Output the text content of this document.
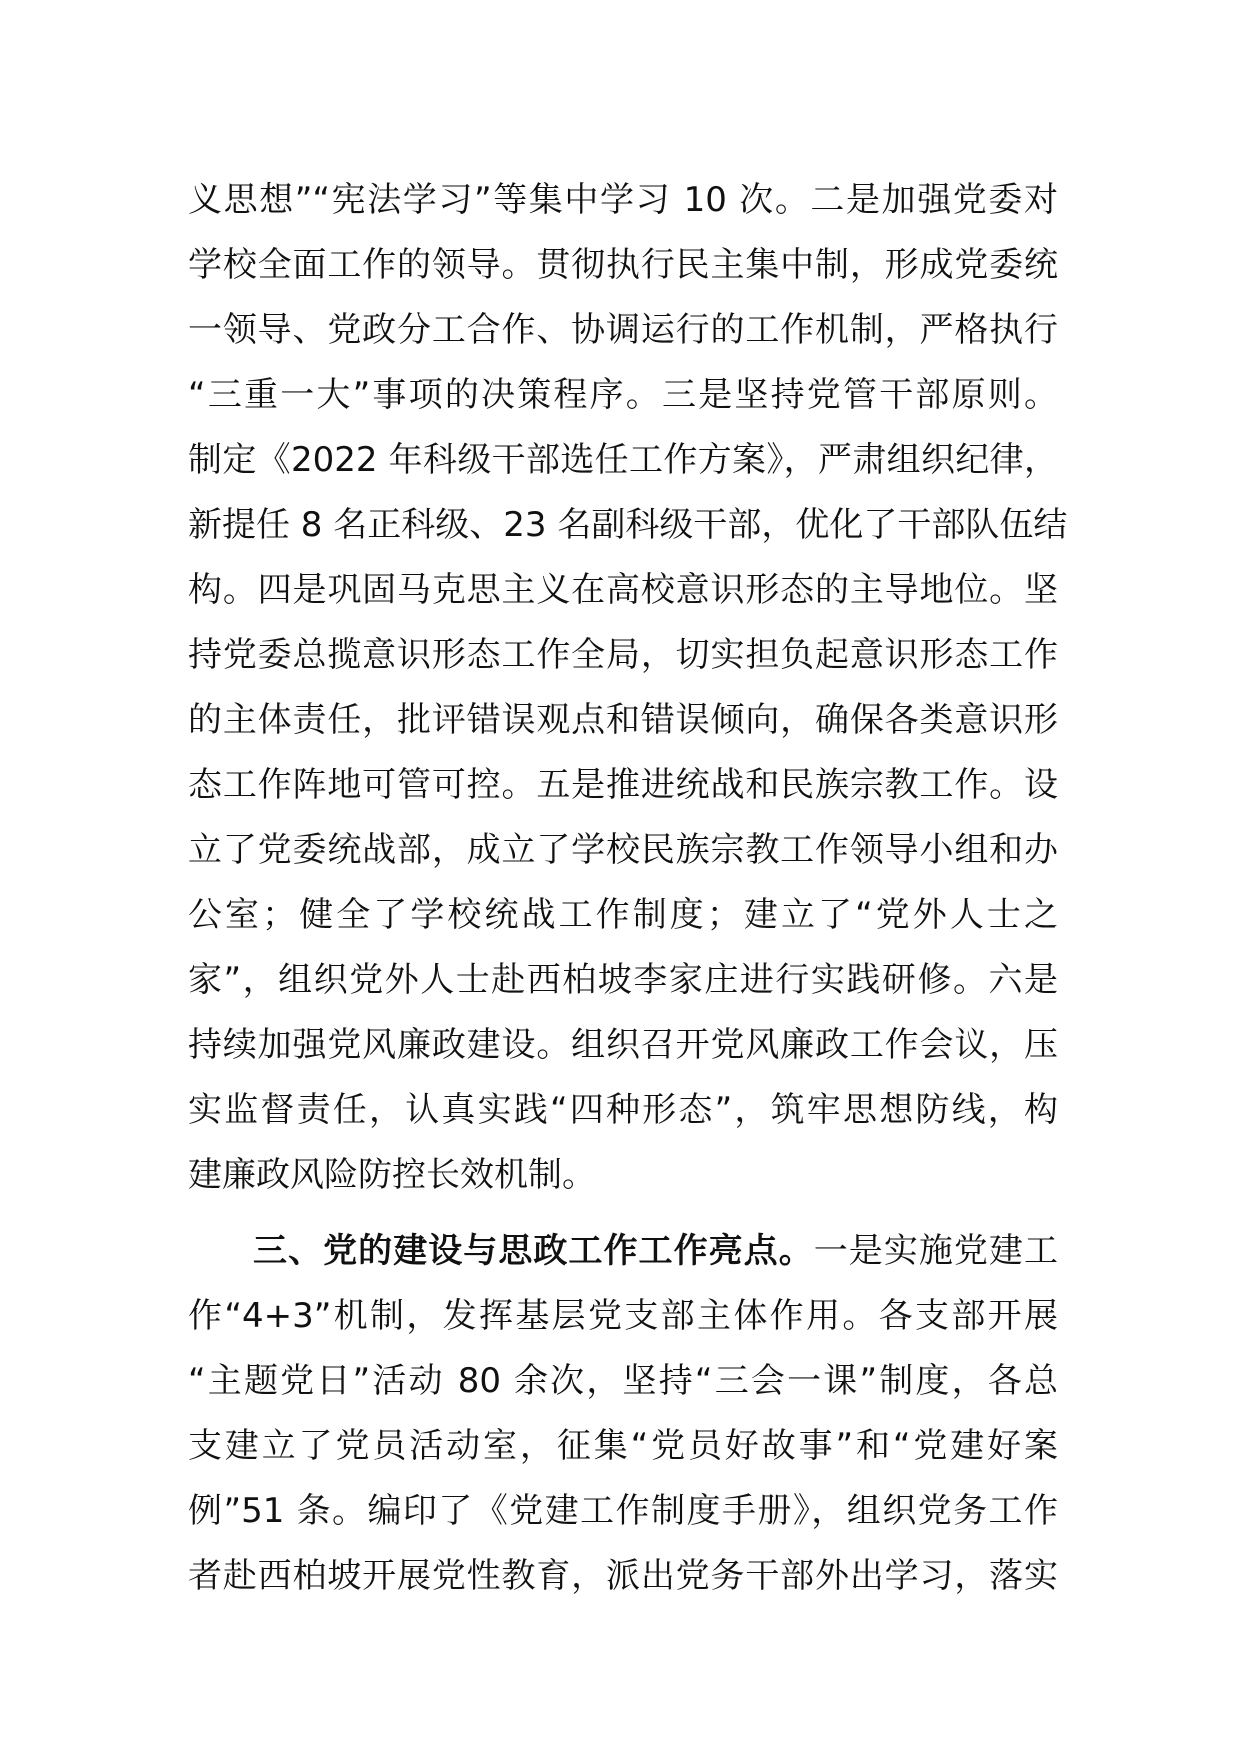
义思想”“宪法学习”等集中学习 10 次。二是加强党委对
学校全面工作的领导。贯彻执行民主集中制，形成党委统
一领导、党政分工合作、协调运行的工作机制，严格执行
“三重一大”事项的决策程序。三是坚持党管干部原则。
制定《2022 年科级干部选任工作方案》，严肃组织纪律，
新提任 8 名正科级、23 名副科级干部，优化了干部队伍结
构。四是巩固马克思主义在高校意识形态的主导地位。坚
持党委总揽意识形态工作全局，切实担负起意识形态工作
的主体责任，批评错误观点和错误倾向，确保各类意识形
态工作阵地可管可控。五是推进统战和民族宗教工作。设
立了党委统战部，成立了学校民族宗教工作领导小组和办
公室；健全了学校统战工作制度；建立了“党外人士之
家”，组织党外人士赴西柏坡李家庄进行实践研修。六是
持续加强党风廉政建设。组织召开党风廉政工作会议，压
实监督责任，认真实践“四种形态”，筑牢思想防线，构
建廉政风险防控长效机制。
三、党的建设与思政工作工作亮点。一是实施党建工
作“4+3”机制，发挥基层党支部主体作用。各支部开展
“主题党日”活动 80 余次，坚持“三会一课”制度，各总
支建立了党员活动室，征集“党员好故事”和“党建好案
例”51 条。编印了《党建工作制度手册》，组织党务工作
者赴西柏坡开展党性教育，派出党务干部外出学习，落实
